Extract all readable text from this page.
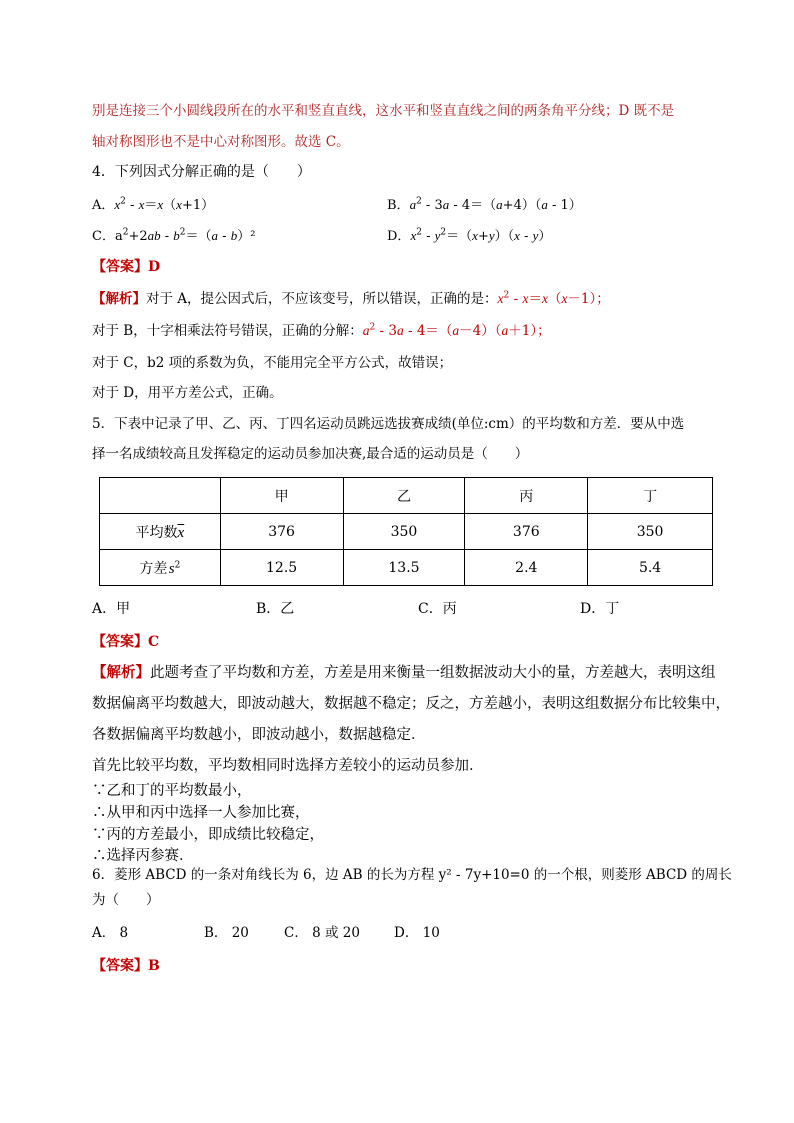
别是连接三个小圆线段所在的水平和竖直直线，这水平和竖直直线之间的两条角平分线；D 既不是
轴对称图形也不是中心对称图形。故选 C。
4．下列因式分解正确的是（　　）
A．$x^2 - x=x(x+1)$	B．$a^2 - 3a - 4=(a+4)(a - 1)$
C．$a^2+2ab - b^2=(a - b)^2$	D．$x^2 - y^2=(x+y)(x - y)$
【答案】D
【解析】对于 A，提公因式后，不应该变号，所以错误，正确的是：$x^2 - x=x(x-1)$；
对于 B，十字相乘法符号错误，正确的分解：$a^2 - 3a - 4=(a-4)(a+1)$；
对于 C，b2 项的系数为负，不能用完全平方公式，故错误；
对于 D，用平方差公式，正确。
5．下表中记录了甲、乙、丙、丁四名运动员跳远选拔赛成绩(单位:cm）的平均数和方差．要从中选
择一名成绩较高且发挥稳定的运动员参加决赛,最合适的运动员是（　　）
	甲	乙	丙	丁
平均数$\overline{x}$	376	350	376	350
方差 $s^2$	12.5	13.5	2.4	5.4
A．甲	B．乙	C．丙	D．丁
【答案】C
【解析】此题考查了平均数和方差，方差是用来衡量一组数据波动大小的量，方差越大，表明这组
数据偏离平均数越大，即波动越大，数据越不稳定；反之，方差越小，表明这组数据分布比较集中，
各数据偏离平均数越小，即波动越小，数据越稳定．
首先比较平均数，平均数相同时选择方差较小的运动员参加．
∵乙和丁的平均数最小，
∴从甲和丙中选择一人参加比赛，
∵丙的方差最小，即成绩比较稳定，
∴选择丙参赛．
6．菱形 ABCD 的一条对角线长为 6，边 AB 的长为方程 y² - 7y+10=0 的一个根，则菱形 ABCD 的周长
为（　　）
A． 8	B． 20	C． 8 或 20	D． 10
【答案】B
